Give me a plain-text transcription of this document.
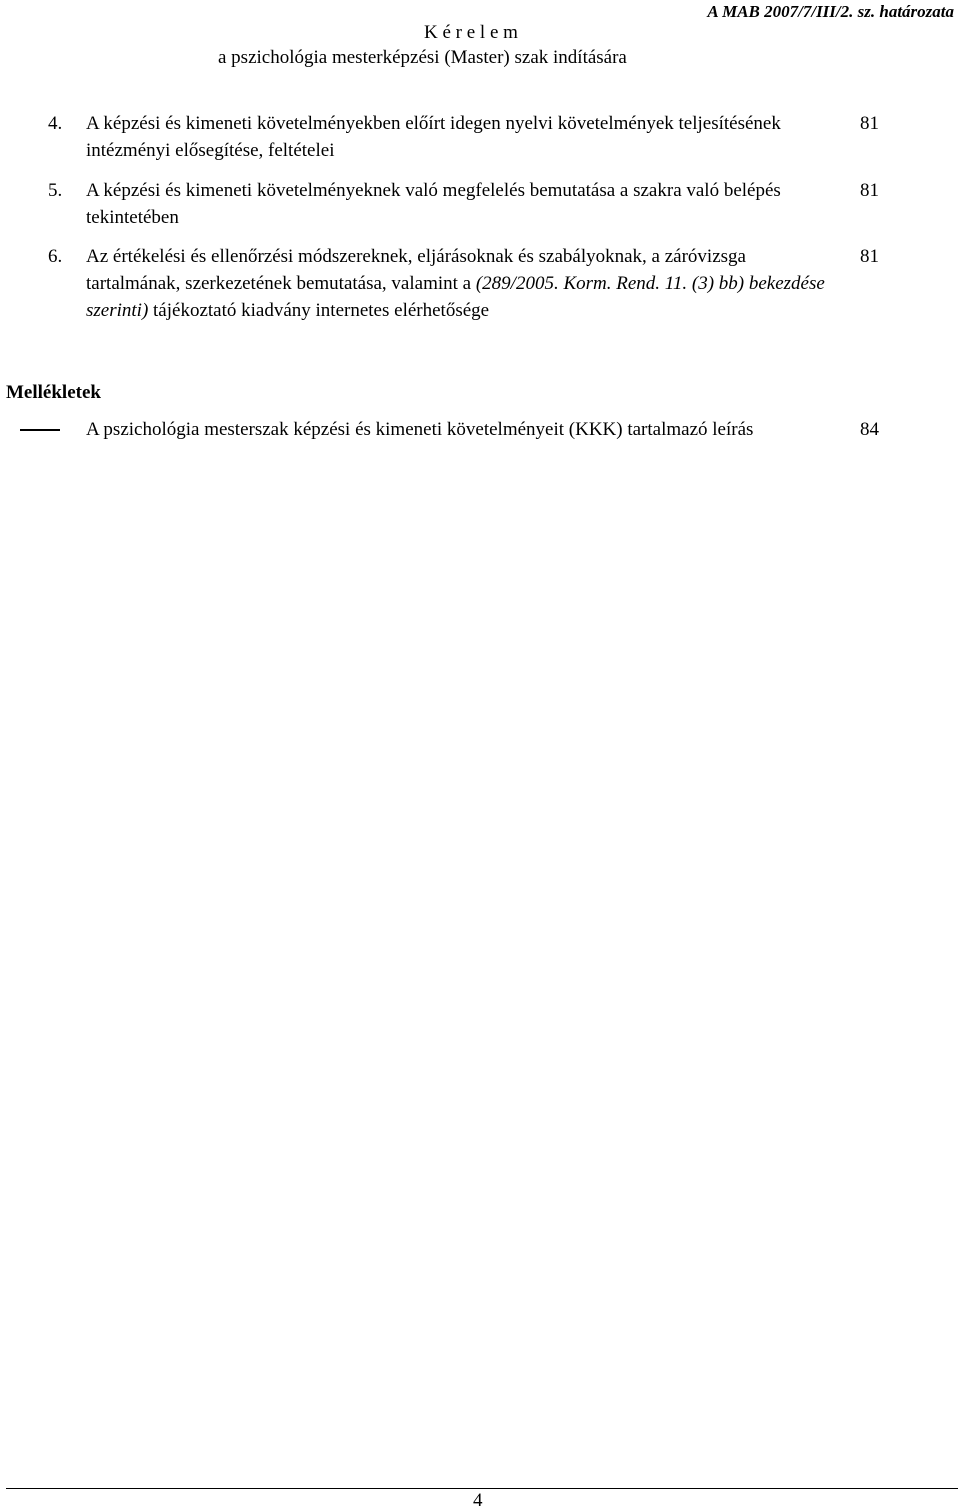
A MAB 2007/7/III/2. sz. határozata
K é r e l e m
a pszichológia mesterképzési (Master) szak indítására
4. A képzési és kimeneti követelményekben előírt idegen nyelvi követelmények teljesítésének intézményi elősegítése, feltételei
81
5. A képzési és kimeneti követelményeknek való megfelelés bemutatása a szakra való belépés tekintetében
81
6. Az értékelési és ellenőrzési módszereknek, eljárásoknak és szabályoknak, a záróvizsga tartalmának, szerkezetének bemutatása, valamint a (289/2005. Korm. Rend. 11. (3) bb) bekezdése szerinti) tájékoztató kiadvány internetes elérhetősége
81
Mellékletek
A pszichológia mesterszak képzési és kimeneti követelményeit (KKK) tartalmazó leírás	84
4
